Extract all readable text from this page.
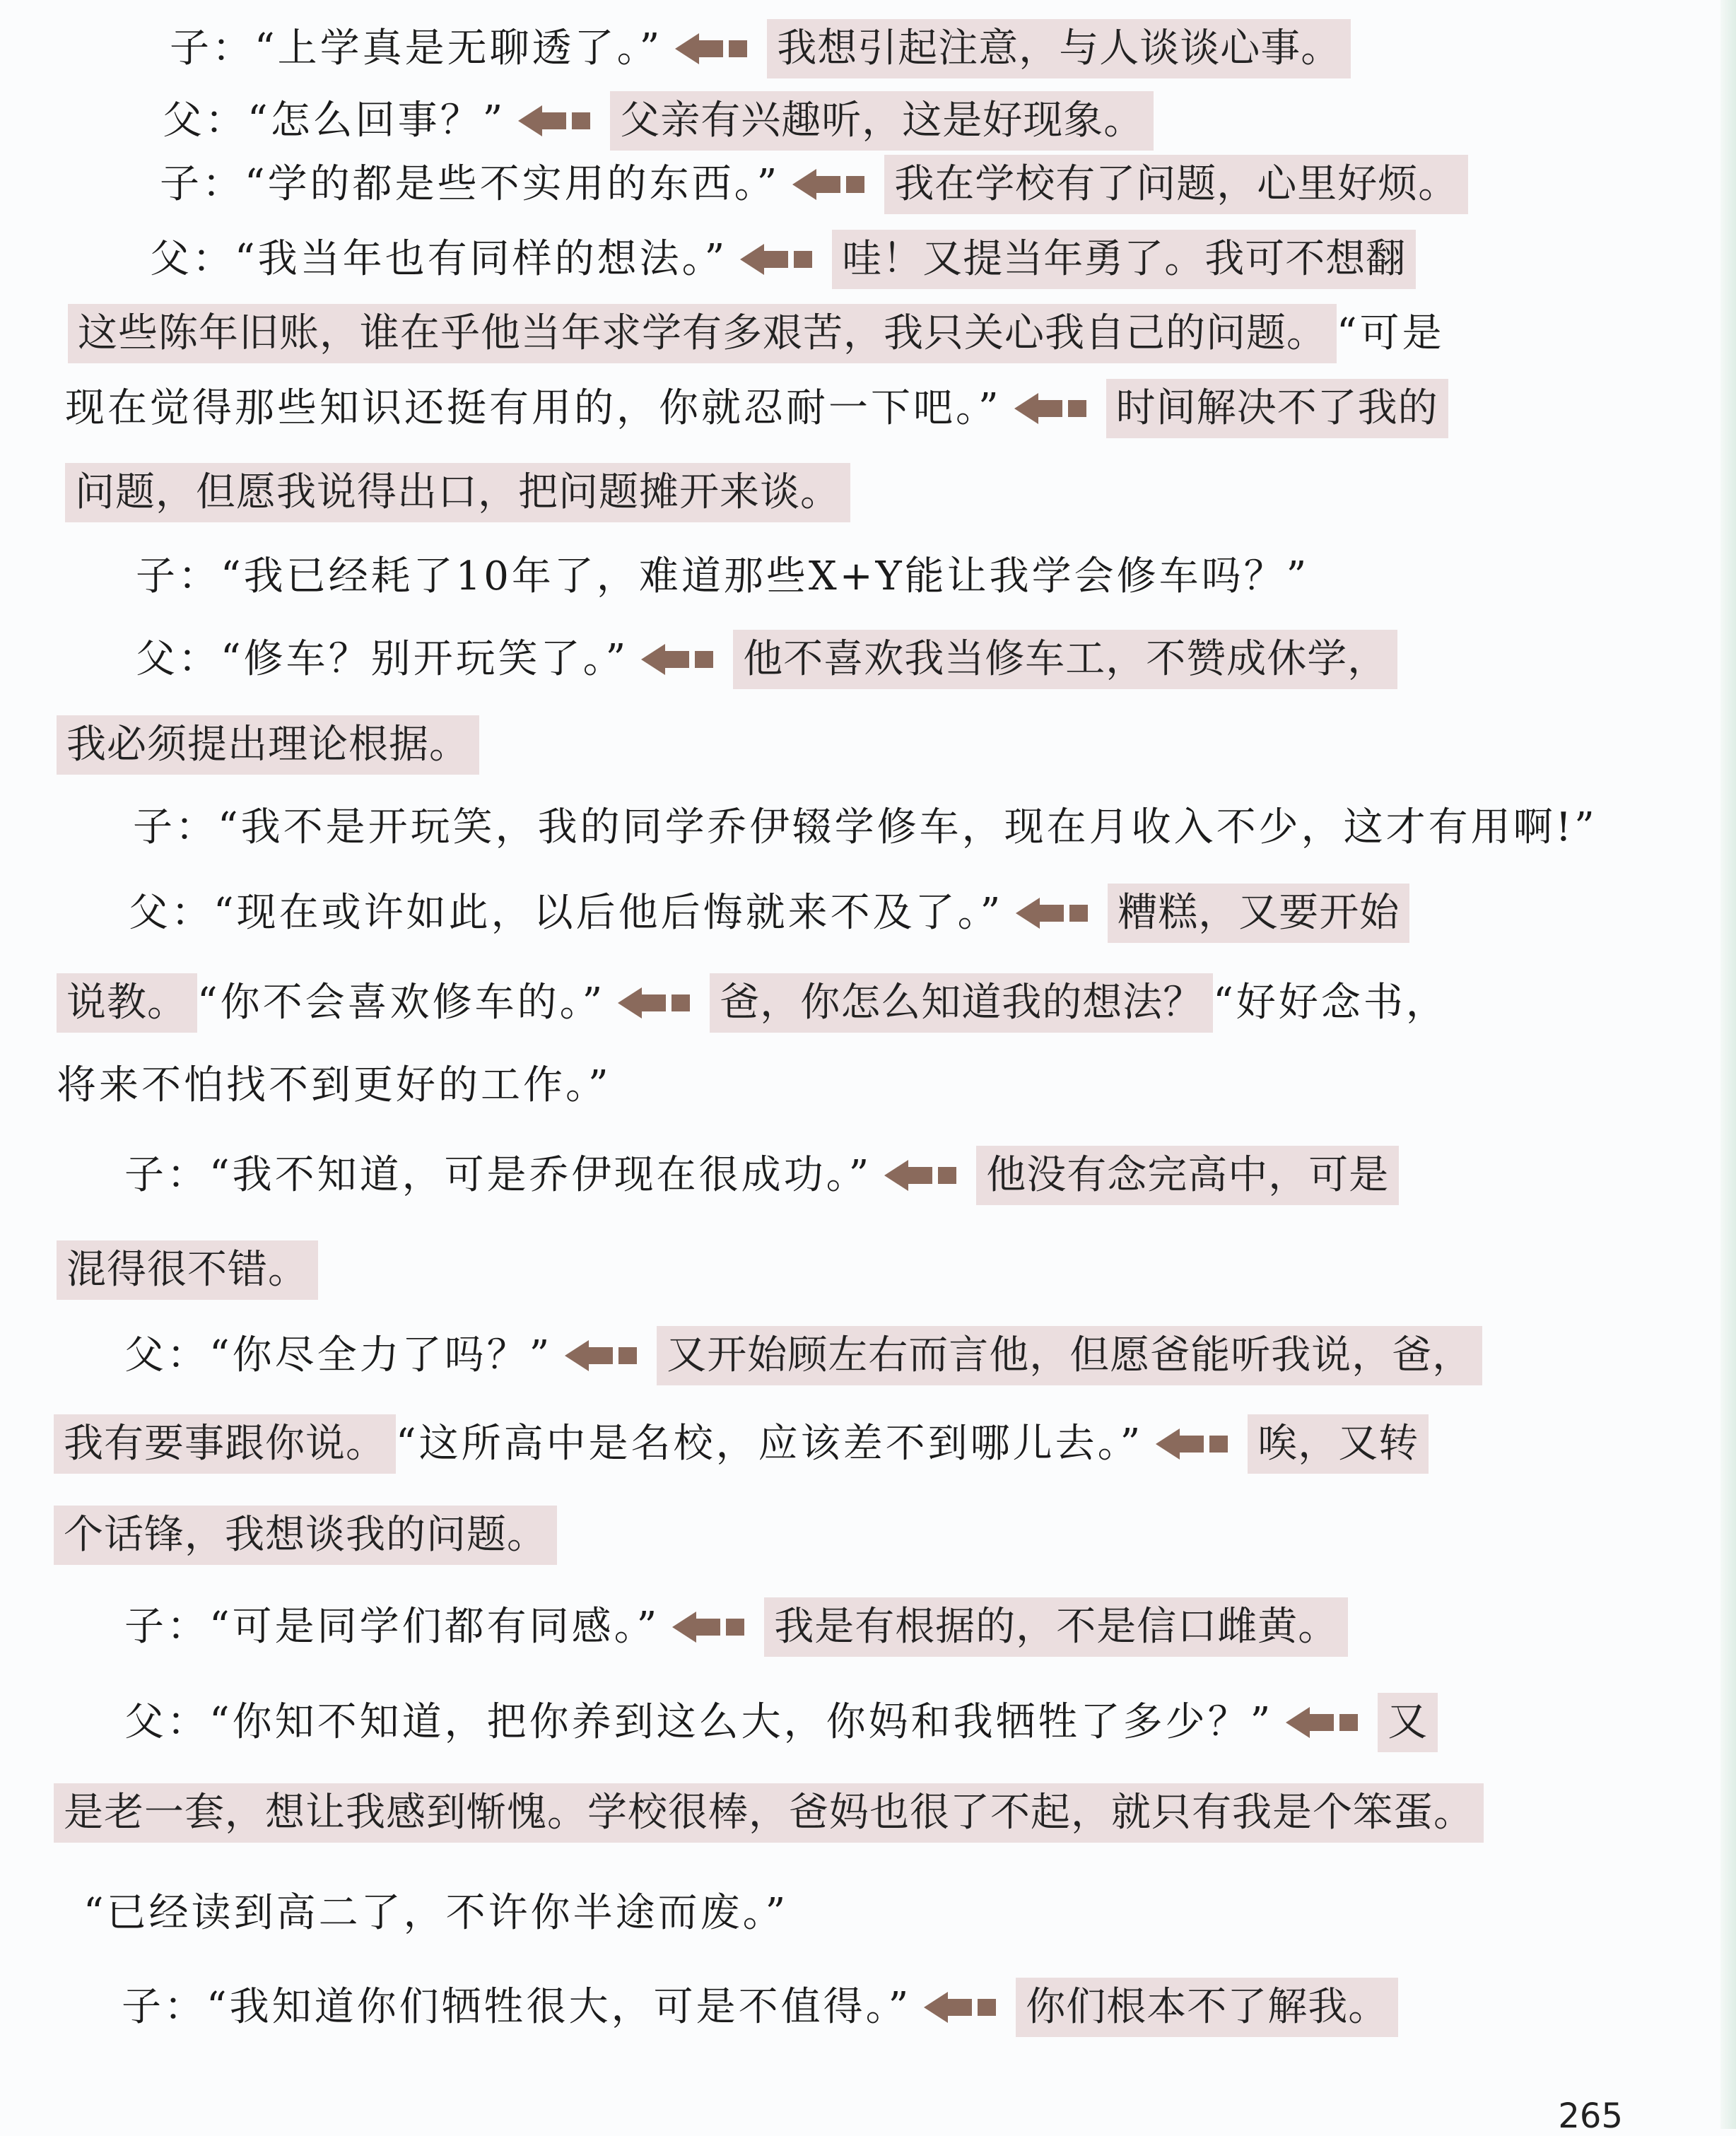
子：“上学真是无聊透了。”	我想引起注意，与人谈谈心事。
父：“怎么回事？”	父亲有兴趣听，这是好现象。
子：“学的都是些不实用的东西。”	我在学校有了问题，心里好烦。
父：“我当年也有同样的想法。”	哇！又提当年勇了。我可不想翻
这些陈年旧账，谁在乎他当年求学有多艰苦，我只关心我自己的问题。 “可是
现在觉得那些知识还挺有用的，你就忍耐一下吧。”	时间解决不了我的
问题，但愿我说得出口，把问题摊开来谈。
子：“我已经耗了10年了，难道那些X+Y能让我学会修车吗？”
父：“修车？别开玩笑了。”	他不喜欢我当修车工，不赞成休学，
我必须提出理论根据。
子：“我不是开玩笑，我的同学乔伊辍学修车，现在月收入不少，这才有用啊!”
父：“现在或许如此，以后他后悔就来不及了。”	糟糕，又要开始
说教。 “你不会喜欢修车的。”	爸，你怎么知道我的想法？ “好好念书，
将来不怕找不到更好的工作。”
子：“我不知道，可是乔伊现在很成功。”	他没有念完高中，可是
混得很不错。
父：“你尽全力了吗？”	又开始顾左右而言他，但愿爸能听我说，爸，
我有要事跟你说。 “这所高中是名校，应该差不到哪儿去。”	唉，又转
个话锋，我想谈我的问题。
子：“可是同学们都有同感。”	我是有根据的，不是信口雌黄。
父：“你知不知道，把你养到这么大，你妈和我牺牲了多少？”	又
是老一套，想让我感到惭愧。学校很棒，爸妈也很了不起，就只有我是个笨蛋。
“已经读到高二了，不许你半途而废。”
子：“我知道你们牺牲很大，可是不值得。”	你们根本不了解我。
265
